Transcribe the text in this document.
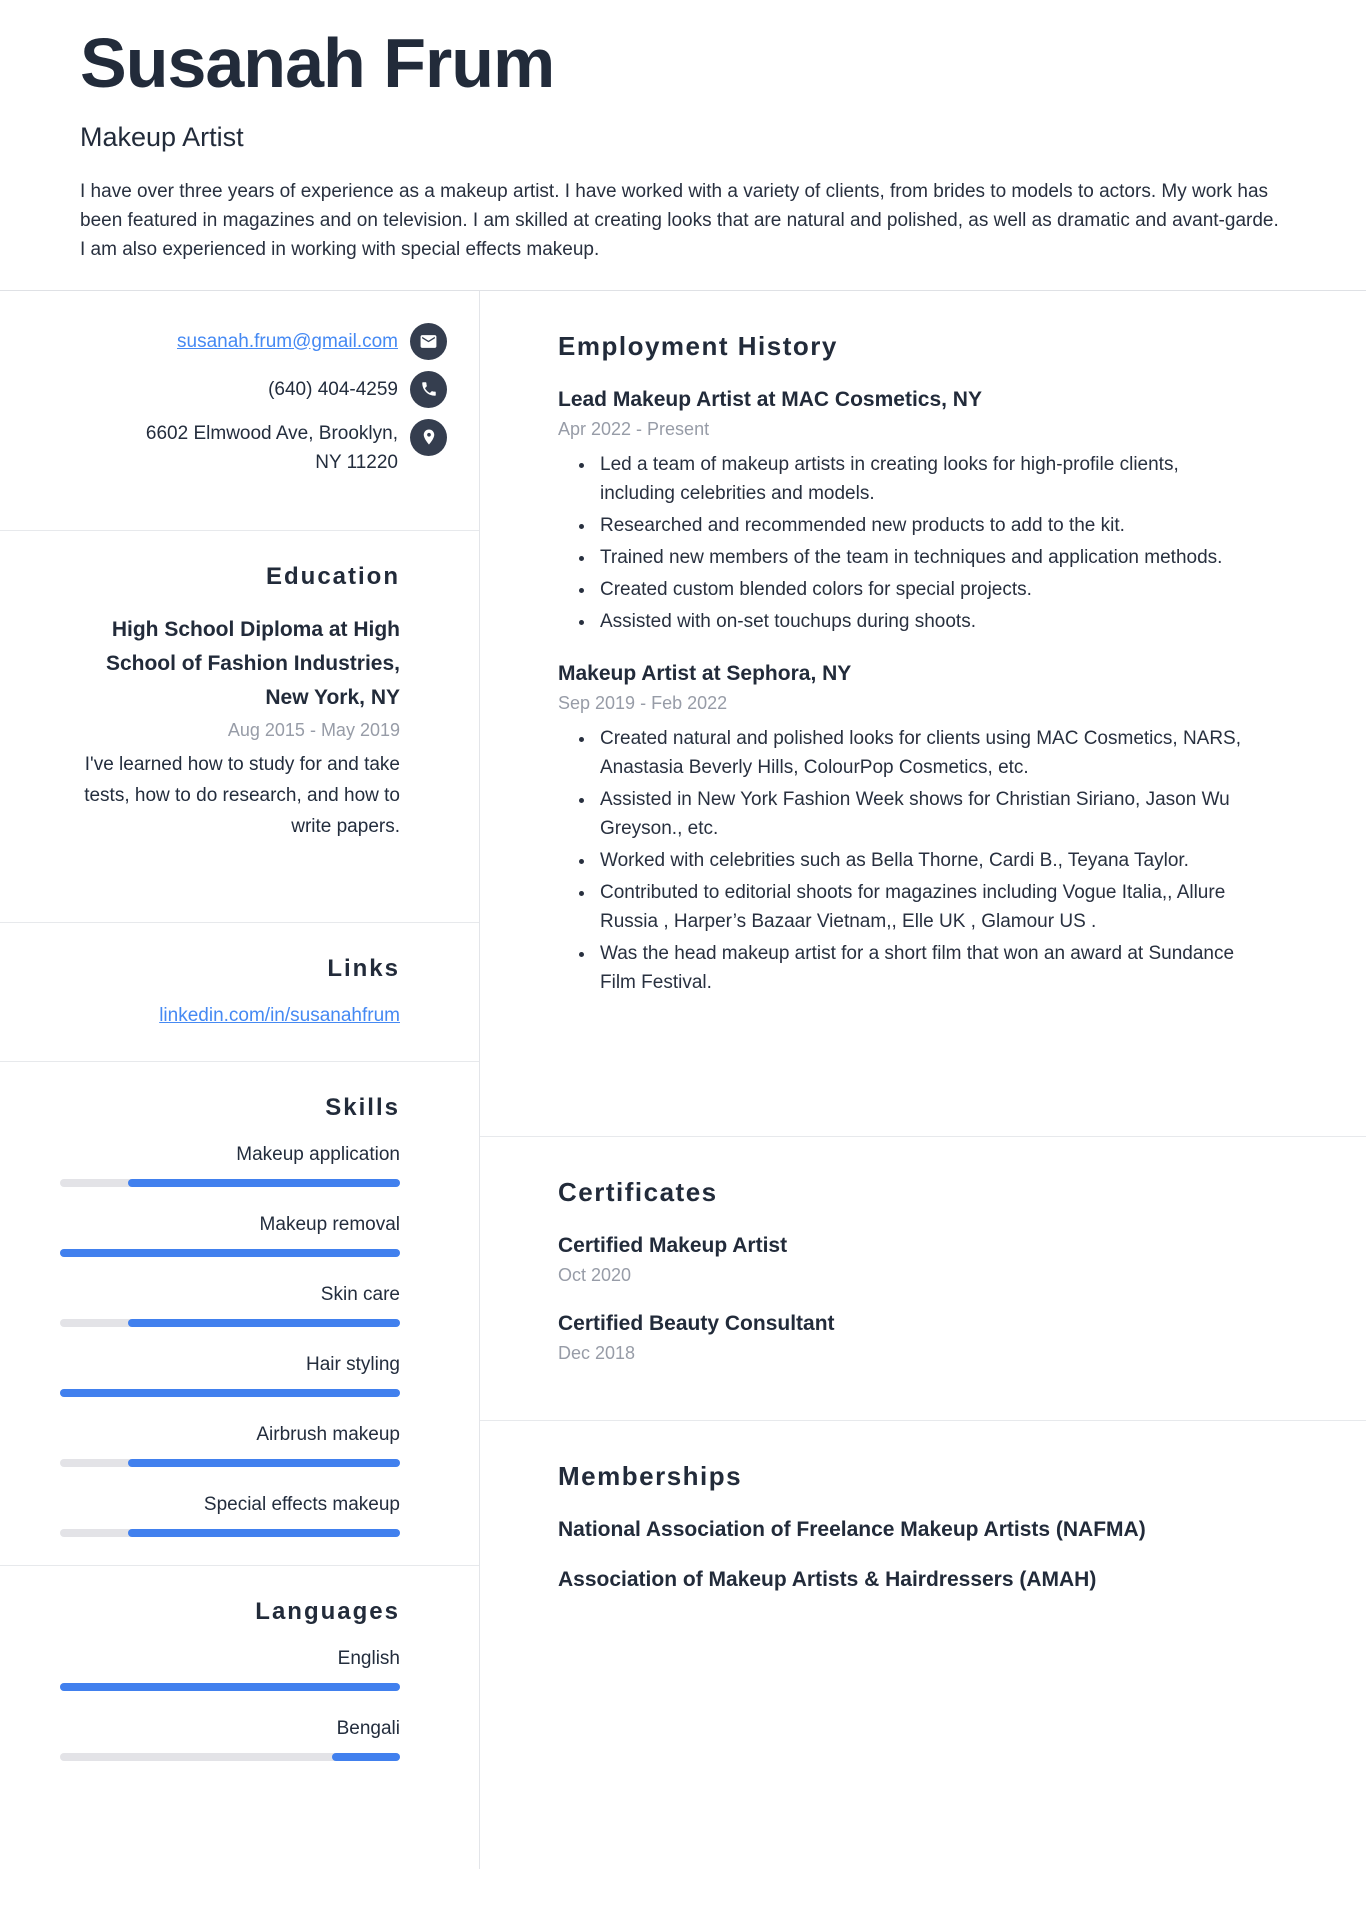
Susanah Frum
Makeup Artist
I have over three years of experience as a makeup artist. I have worked with a variety of clients, from brides to models to actors. My work has been featured in magazines and on television. I am skilled at creating looks that are natural and polished, as well as dramatic and avant-garde. I am also experienced in working with special effects makeup.
susanah.frum@gmail.com
(640) 404-4259
6602 Elmwood Ave, Brooklyn,
NY 11220
Education
High School Diploma at High School of Fashion Industries, New York, NY
Aug 2015 - May 2019
I've learned how to study for and take tests, how to do research, and how to write papers.
Links
linkedin.com/in/susanahfrum
Skills
Makeup application
Makeup removal
Skin care
Hair styling
Airbrush makeup
Special effects makeup
Languages
English
Bengali
Employment History
Lead Makeup Artist at MAC Cosmetics, NY
Apr 2022 - Present
• Led a team of makeup artists in creating looks for high-profile clients, including celebrities and models.
• Researched and recommended new products to add to the kit.
• Trained new members of the team in techniques and application methods.
• Created custom blended colors for special projects.
• Assisted with on-set touchups during shoots.
Makeup Artist at Sephora, NY
Sep 2019 - Feb 2022
• Created natural and polished looks for clients using MAC Cosmetics, NARS, Anastasia Beverly Hills, ColourPop Cosmetics, etc.
• Assisted in New York Fashion Week shows for Christian Siriano, Jason Wu Greyson., etc.
• Worked with celebrities such as Bella Thorne, Cardi B., Teyana Taylor.
• Contributed to editorial shoots for magazines including Vogue Italia,, Allure Russia , Harper’s Bazaar Vietnam,, Elle UK , Glamour US .
• Was the head makeup artist for a short film that won an award at Sundance Film Festival.
Certificates
Certified Makeup Artist
Oct 2020
Certified Beauty Consultant
Dec 2018
Memberships
National Association of Freelance Makeup Artists (NAFMA)
Association of Makeup Artists & Hairdressers (AMAH)
